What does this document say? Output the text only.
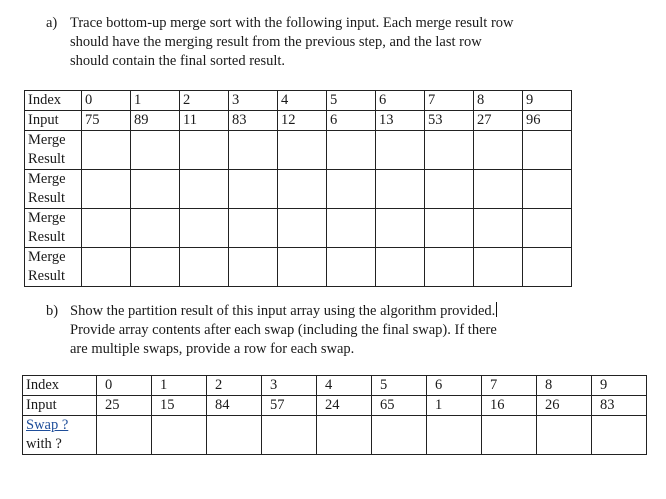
a) Trace bottom-up merge sort with the following input. Each merge result row
should have the merging result from the previous step, and the last row
should contain the final sorted result.
Index	0	1	2	3	4	5	6	7	8	9
Input	75	89	11	83	12	6	13	53	27	96
Merge
Result										
Merge
Result										
Merge
Result										
Merge
Result										
b) Show the partition result of this input array using the algorithm provided.
Provide array contents after each swap (including the final swap). If there
are multiple swaps, provide a row for each swap.
Index	0	1	2	3	4	5	6	7	8	9
Input	25	15	84	57	24	65	1	16	26	83
Swap ?
with ?										
